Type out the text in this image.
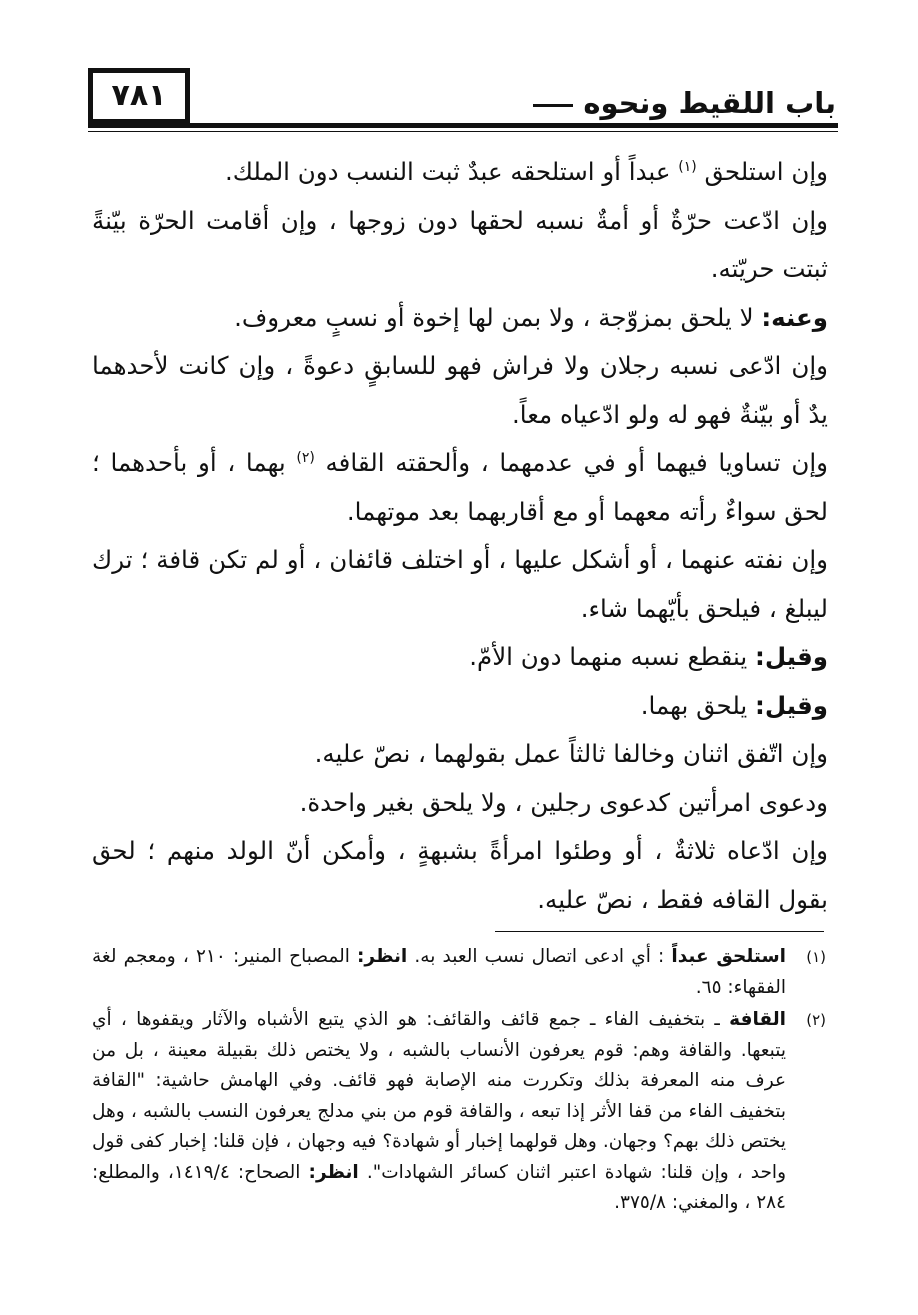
باب اللقيط ونحوه
٧٨١

وإن استلحق $^{(١)}$ عبداً أو استلحقه عبدٌ ثبت النسب دون الملك.

وإن ادّعت حرّةٌ أو أمةٌ نسبه لحقها دون زوجها ، وإن أقامت الحرّة بيّنةً ثبتت حريّته.

وعنه: لا يلحق بمزوّجة ، ولا بمن لها إخوة أو نسبٍ معروف.

وإن ادّعى نسبه رجلان ولا فراش فهو للسابقٍ دعوةً ، وإن كانت لأحدهما يدٌ أو بيّنةٌ فهو له ولو ادّعياه معاً.

وإن تساويا فيهما أو في عدمهما ، وألحقته القافه $^{(٢)}$ بهما ، أو بأحدهما ؛ لحق سواءٌ رأته معهما أو مع أقاربهما بعد موتهما.

وإن نفته عنهما ، أو أشكل عليها ، أو اختلف قائفان ، أو لم تكن قافة ؛ ترك ليبلغ ، فيلحق بأيّهما شاء.

وقيل: ينقطع نسبه منهما دون الأمّ.

وقيل: يلحق بهما.

وإن اتّفق اثنان وخالفا ثالثاً عمل بقولهما ، نصّ عليه.

ودعوى امرأتين كدعوى رجلين ، ولا يلحق بغير واحدة.

وإن ادّعاه ثلاثةٌ ، أو وطئوا امرأةً بشبهةٍ ، وأمكن أنّ الولد منهم ؛ لحق بقول القافه فقط ، نصّ عليه.

(١)
استلحق عبداً : أي ادعى اتصال نسب العبد به. انظر: المصباح المنير: ٢١٠ ، ومعجم لغة الفقهاء: ٦٥.
(٢)
القافة ـ بتخفيف الفاء ـ جمع قائف والقائف: هو الذي يتبع الأشباه والآثار ويقفوها ، أي يتبعها. والقافة وهم: قوم يعرفون الأنساب بالشبه ، ولا يختص ذلك بقبيلة معينة ، بل من عرف منه المعرفة بذلك وتكررت منه الإصابة فهو قائف. وفي الهامش حاشية: "القافة بتخفيف الفاء من قفا الأثر إذا تبعه ، والقافة قوم من بني مدلج يعرفون النسب بالشبه ، وهل يختص ذلك بهم؟ وجهان. وهل قولهما إخبار أو شهادة؟ فيه وجهان ، فإن قلنا: إخبار كفى قول واحد ، وإن قلنا: شهادة اعتبر اثنان كسائر الشهادات". انظر: الصحاح: ١٤١٩/٤، والمطلع: ٢٨٤ ، والمغني: ٣٧٥/٨.
